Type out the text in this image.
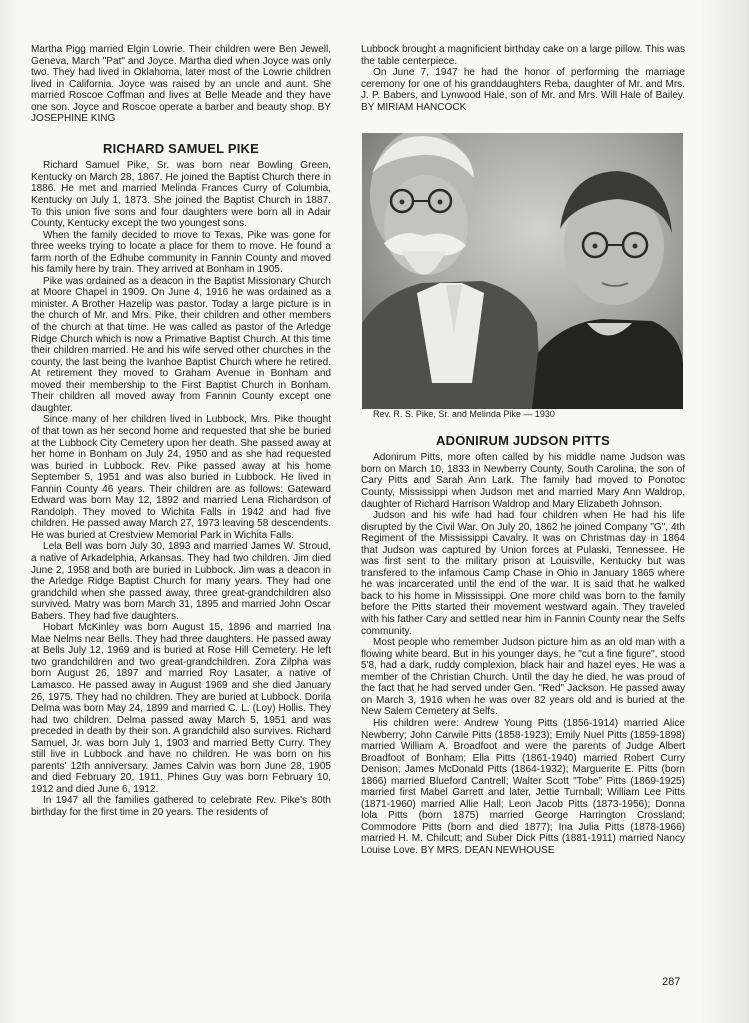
Martha Pigg married Elgin Lowrie. Their children were Ben Jewell, Geneva, March "Pat" and Joyce. Martha died when Joyce was only two. They had lived in Oklahoma, later most of the Lowrie children lived in California. Joyce was raised by an uncle and aunt. She married Roscoe Coffman and lives at Belle Meade and they have one son. Joyce and Roscoe operate a barber and beauty shop. BY JOSEPHINE KING

RICHARD SAMUEL PIKE

Richard Samuel Pike, Sr. was born near Bowling Green, Kentucky on March 28, 1867. He joined the Baptist Church there in 1886. He met and married Melinda Frances Curry of Columbia, Kentucky on July 1, 1873. She joined the Baptist Church in 1887. To this union five sons and four daughters were born all in Adair County, Kentucky except the two youngest sons.

When the family decided to move to Texas, Pike was gone for three weeks trying to locate a place for them to move. He found a farm north of the Edhube community in Fannin County and moved his family here by train. They arrived at Bonham in 1905.

Pike was ordained as a deacon in the Baptist Missionary Church at Moore Chapel in 1909. On June 4, 1916 he was ordained as a minister. A Brother Hazelip was pastor. Today a large picture is in the church of Mr. and Mrs. Pike, their children and other members of the church at that time. He was called as pastor of the Arledge Ridge Church which is now a Primative Baptist Church. At this time their children married. He and his wife served other churches in the county, the last being the Ivanhoe Baptist Church where he retired. At retirement they moved to Graham Avenue in Bonham and moved their membership to the First Baptist Church in Bonham. Their children all moved away from Fannin County except one daughter.

Since many of her children lived in Lubbock, Mrs. Pike thought of that town as her second home and requested that she be buried at the Lubbock City Cemetery upon her death. She passed away at her home in Bonham on July 24, 1950 and as she had requested was buried in Lubbock. Rev. Pike passed away at his home September 5, 1951 and was also buried in Lubbock. He lived in Fannin County 46 years. Their children are as follows: Gateward Edward was born May 12, 1892 and married Lena Richardson of Randolph. They moved to Wichita Falls in 1942 and had five children. He passed away March 27, 1973 leaving 58 descendents. He was buried at Crestview Memorial Park in Wichita Falls.

Lela Bell was born July 30, 1893 and married James W. Stroud, a native of Arkadelphia, Arkansas. They had two children. Jim died June 2, 1958 and both are buried in Lubbock. Jim was a deacon in the Arledge Ridge Baptist Church for many years. They had one grandchild when she passed away, three great-grandchildren also survived. Matry was born March 31, 1895 and married John Oscar Babers. They had five daughters.

Hobart McKinley was born August 15, 1896 and married Ina Mae Nelms near Bells. They had three daughters. He passed away at Bells July 12, 1969 and is buried at Rose Hill Cemetery. He left two grandchildren and two great-grandchildren. Zora Zilpha was born August 26, 1897 and married Roy Lasater, a native of Lamasco. He passed away in August 1969 and she died January 26, 1975. They had no children. They are buried at Lubbock. Dorila Delma was born May 24, 1899 and married C. L. (Loy) Hollis. They had two children. Delma passed away March 5, 1951 and was preceded in death by their son. A grandchild also survives. Richard Samuel, Jr. was born July 1, 1903 and married Betty Curry. They still live in Lubbock and have no children. He was born on his parents' 12th anniversary. James Calvin was born June 28, 1905 and died February 20, 1911. Phines Guy was born February 10, 1912 and died June 6, 1912.

In 1947 all the families gathered to celebrate Rev. Pike's 80th birthday for the first time in 20 years. The residents of

Lubbock brought a magnificient birthday cake on a large pillow. This was the table centerpiece.

On June 7, 1947 he had the honor of performing the marriage ceremony for one of his granddaughters Reba, daughter of Mr. and Mrs. J. P. Babers, and Lynwood Hale, son of Mr. and Mrs. Will Hale of Bailey. BY MIRIAM HANCOCK

Rev. R. S. Pike, Sr. and Melinda Pike — 1930

ADONIRUM JUDSON PITTS

Adonirum Pitts, more often called by his middle name Judson was born on March 10, 1833 in Newberry County, South Carolina, the son of Cary Pitts and Sarah Ann Lark. The family had moved to Ponotoc County, Mississippi when Judson met and married Mary Ann Waldrop, daughter of Richard Harrison Waldrop and Mary Elizabeth Johnson.

Judson and his wife had had four children when He had his life disrupted by the Civil War. On July 20, 1862 he joined Company "G", 4th Regiment of the Mississippi Cavalry. It was on Christmas day in 1864 that Judson was captured by Union forces at Pulaski, Tennessee. He was first sent to the military prison at Louisville, Kentucky but was transfered to the infamous Camp Chase in Ohio in January 1865 where he was incarcerated until the end of the war. It is said that he walked back to his home in Mississippi. One more child was born to the family before the Pitts started their movement westward again. They traveled with his father Cary and settled near him in Fannin County near the Selfs community.

Most people who remember Judson picture him as an old man with a flowing white beard. But in his younger days, he "cut a fine figure", stood 5'8, had a dark, ruddy complexion, black hair and hazel eyes. He was a member of the Christian Church. Until the day he died, he was proud of the fact that he had served under Gen. "Red" Jackson. He passed away on March 3, 1916 when he was over 82 years old and is buried at the New Salem Cemetery at Selfs.

His children were: Andrew Young Pitts (1856-1914) married Alice Newberry; John Carwile Pitts (1858-1923); Emily Nuel Pitts (1859-1898) married William A. Broadfoot and were the parents of Judge Albert Broadfoot of Bonham; Ella Pitts (1861-1940) married Robert Curry Denison; James McDonald Pitts (1864-1932); Marguerite E. Pitts (born 1866) married Blueford Cantrell; Walter Scott "Tobe" Pitts (1869-1925) married first Mabel Garrett and later, Jettie Turnball; William Lee Pitts (1871-1960) married Allie Hall; Leon Jacob Pitts (1873-1956); Donna Iola Pitts (born 1875) married George Harrington Crossland; Commodore Pitts (born and died 1877); Ina Julia Pitts (1878-1966) married H. M. Chilcutt; and Suber Dick Pitts (1881-1911) married Nancy Louise Love. BY MRS. DEAN NEWHOUSE

287
